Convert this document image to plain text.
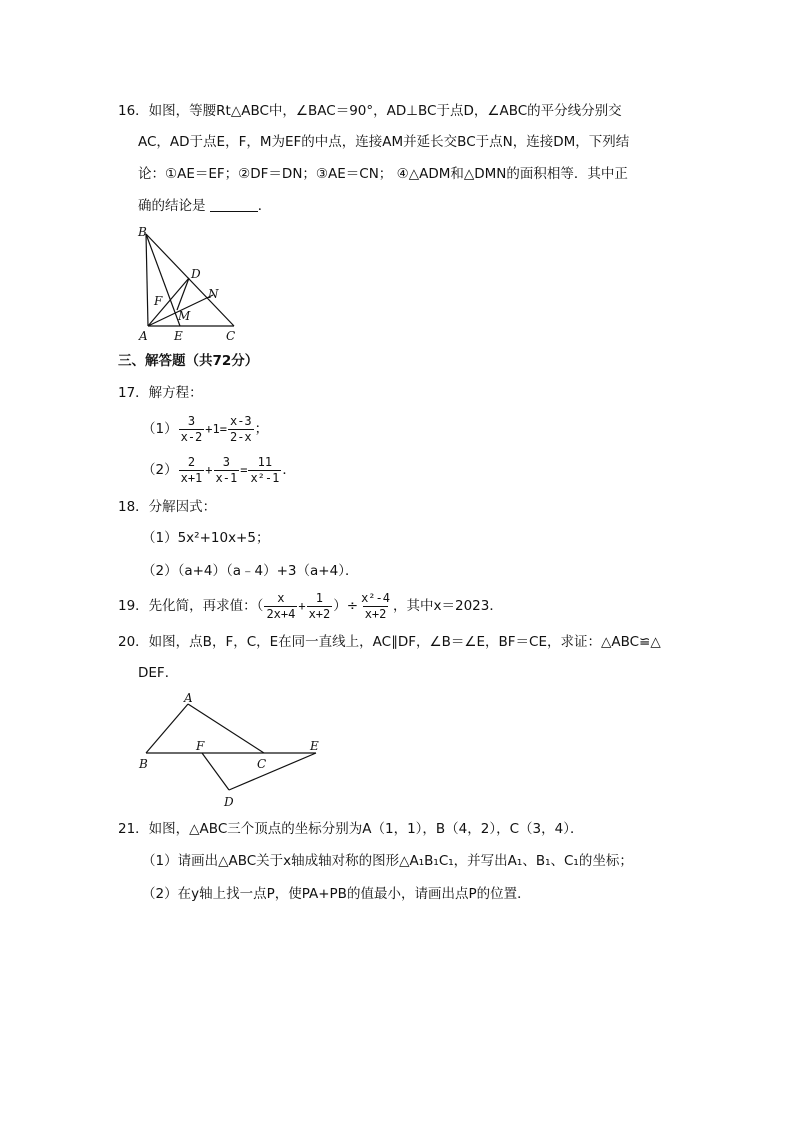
16．如图，等腰Rt△ABC中，∠BAC＝90°，AD⊥BC于点D，∠ABC的平分线分别交
AC，AD于点E，F，M为EF的中点，连接AM并延长交BC于点N，连接DM，下列结
论：①AE＝EF；②DF＝DN；③AE＝CN； ④△ADM和△DMN的面积相等．其中正
确的结论是	．
B
D
N
F
M
A E	C
三、解答题（共72分）
17．解方程：
$(1) \frac{3}{x-2} +1= \frac{x-3}{2-x}$ ；
$(2) \frac{2}{x+1} + \frac{3}{x-1} = \frac{11}{\text{x²-1}}$ ．
18．分解因式：
（1）5x²+10x+5；
（2）（a+4）（a﹣4）+3（a+4）．
19．先化简，再求值：（ $\frac{x}{2x+4} + \frac{1}{x+2}$ ）÷ $\frac{\text{x²-4}}{x+2}$ ，其中x＝2023．
20．如图，点B，F，C，E在同一直线上，AC∥DF，∠B＝∠E，BF＝CE，求证：△ABC≌△
DEF．
A
F	E
B	C
D
21．如图，△ABC三个顶点的坐标分别为A（1，1），B（4，2），C（3，4）．
（1）请画出△ABC关于x轴成轴对称的图形△A₁B₁C₁，并写出A₁、B₁、C₁的坐标；
（2）在y轴上找一点P，使PA+PB的值最小，请画出点P的位置．
